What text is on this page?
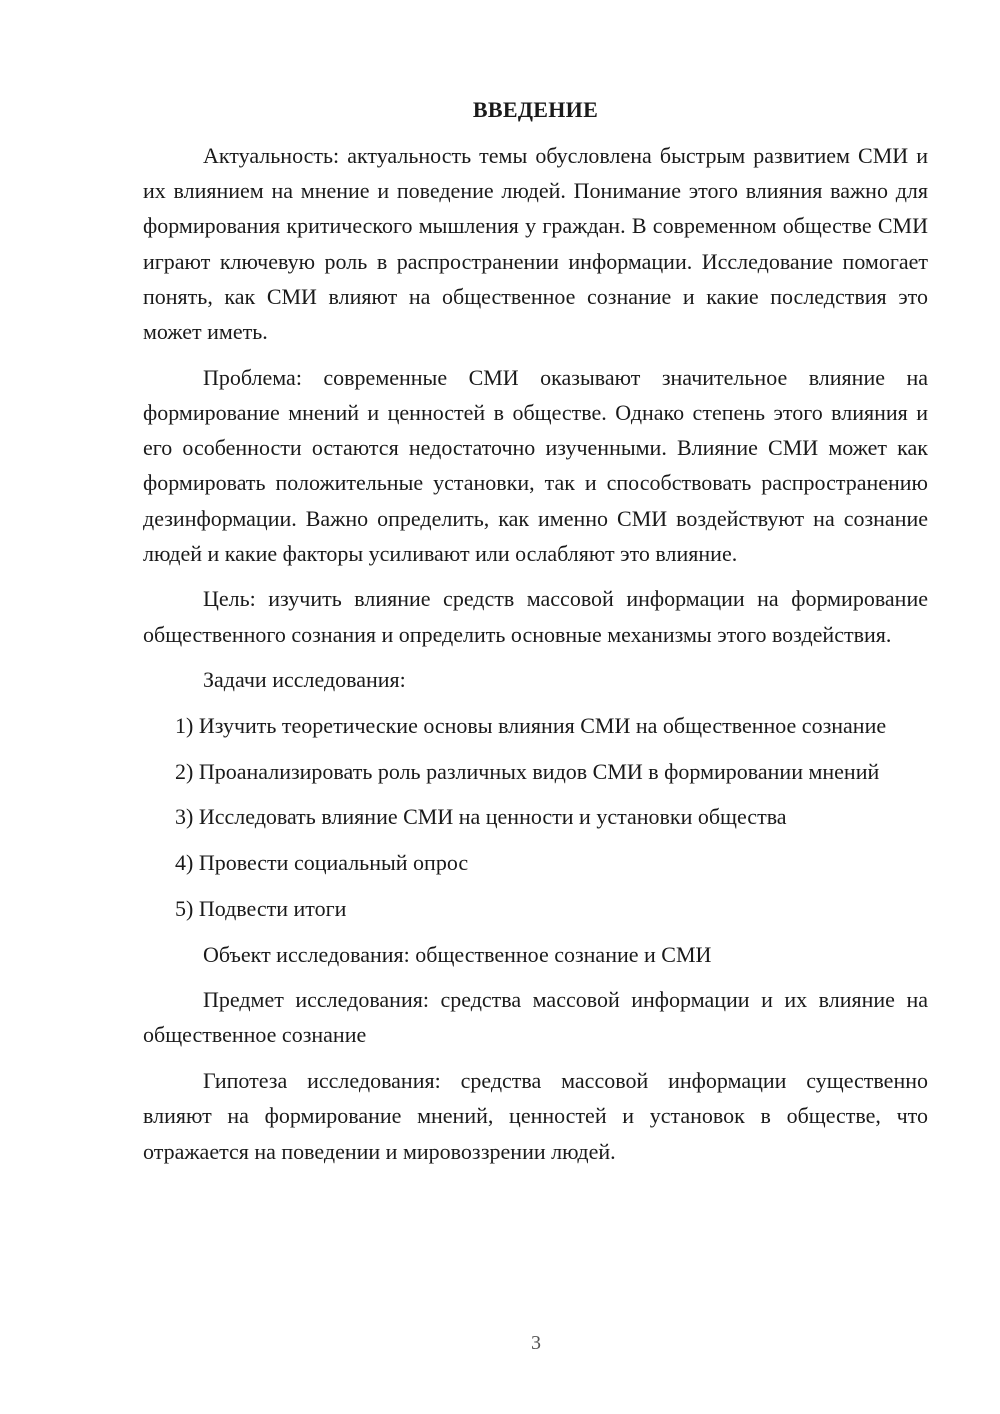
ВВЕДЕНИЕ

Актуальность: актуальность темы обусловлена быстрым развитием СМИ и их влиянием на мнение и поведение людей. Понимание этого влияния важно для формирования критического мышления у граждан. В современном обществе СМИ играют ключевую роль в распространении информации. Исследование помогает понять, как СМИ влияют на общественное сознание и какие последствия это может иметь.

Проблема: современные СМИ оказывают значительное влияние на формирование мнений и ценностей в обществе. Однако степень этого влияния и его особенности остаются недостаточно изученными. Влияние СМИ может как формировать положительные установки, так и способствовать распространению дезинформации. Важно определить, как именно СМИ воздействуют на сознание людей и какие факторы усиливают или ослабляют это влияние.

Цель: изучить влияние средств массовой информации на формирование общественного сознания и определить основные механизмы этого воздействия.

Задачи исследования:

1) Изучить теоретические основы влияния СМИ на общественное сознание

2) Проанализировать роль различных видов СМИ в формировании мнений

3) Исследовать влияние СМИ на ценности и установки общества

4) Провести социальный опрос

5) Подвести итоги

Объект исследования: общественное сознание и СМИ

Предмет исследования: средства массовой информации и их влияние на общественное сознание

Гипотеза исследования: средства массовой информации существенно влияют на формирование мнений, ценностей и установок в обществе, что отражается на поведении и мировоззрении людей.

3
